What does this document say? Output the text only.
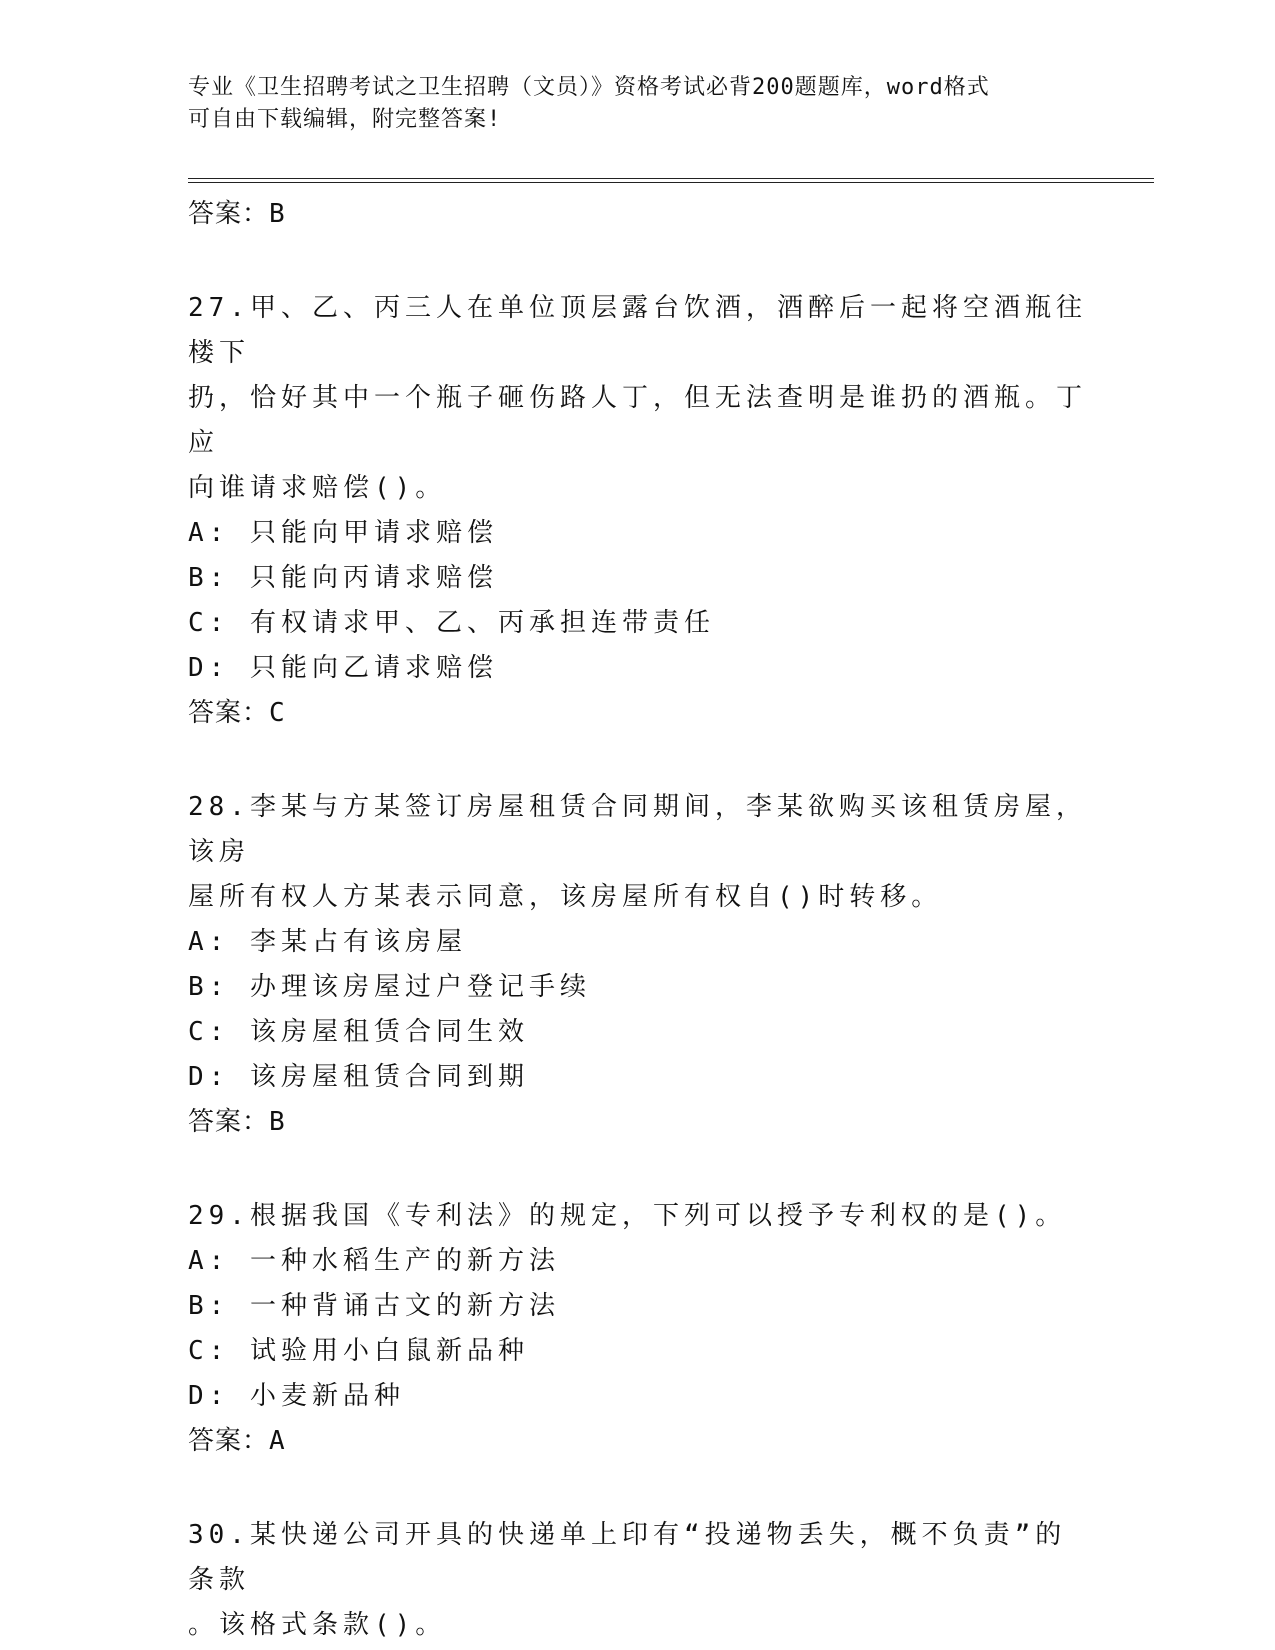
专业《卫生招聘考试之卫生招聘（文员）》资格考试必背200题题库，word格式
可自由下载编辑，附完整答案!
答案：B
27.甲、乙、丙三人在单位顶层露台饮酒，酒醉后一起将空酒瓶往楼下
扔，恰好其中一个瓶子砸伤路人丁，但无法查明是谁扔的酒瓶。丁应
向谁请求赔偿()。
A: 只能向甲请求赔偿
B: 只能向丙请求赔偿
C: 有权请求甲、乙、丙承担连带责任
D: 只能向乙请求赔偿
答案：C
28.李某与方某签订房屋租赁合同期间，李某欲购买该租赁房屋，该房
屋所有权人方某表示同意，该房屋所有权自()时转移。
A: 李某占有该房屋
B: 办理该房屋过户登记手续
C: 该房屋租赁合同生效
D: 该房屋租赁合同到期
答案：B
29.根据我国《专利法》的规定，下列可以授予专利权的是()。
A: 一种水稻生产的新方法
B: 一种背诵古文的新方法
C: 试验用小白鼠新品种
D: 小麦新品种
答案：A
30.某快递公司开具的快递单上印有“投递物丢失，概不负责”的条款
。该格式条款()。
